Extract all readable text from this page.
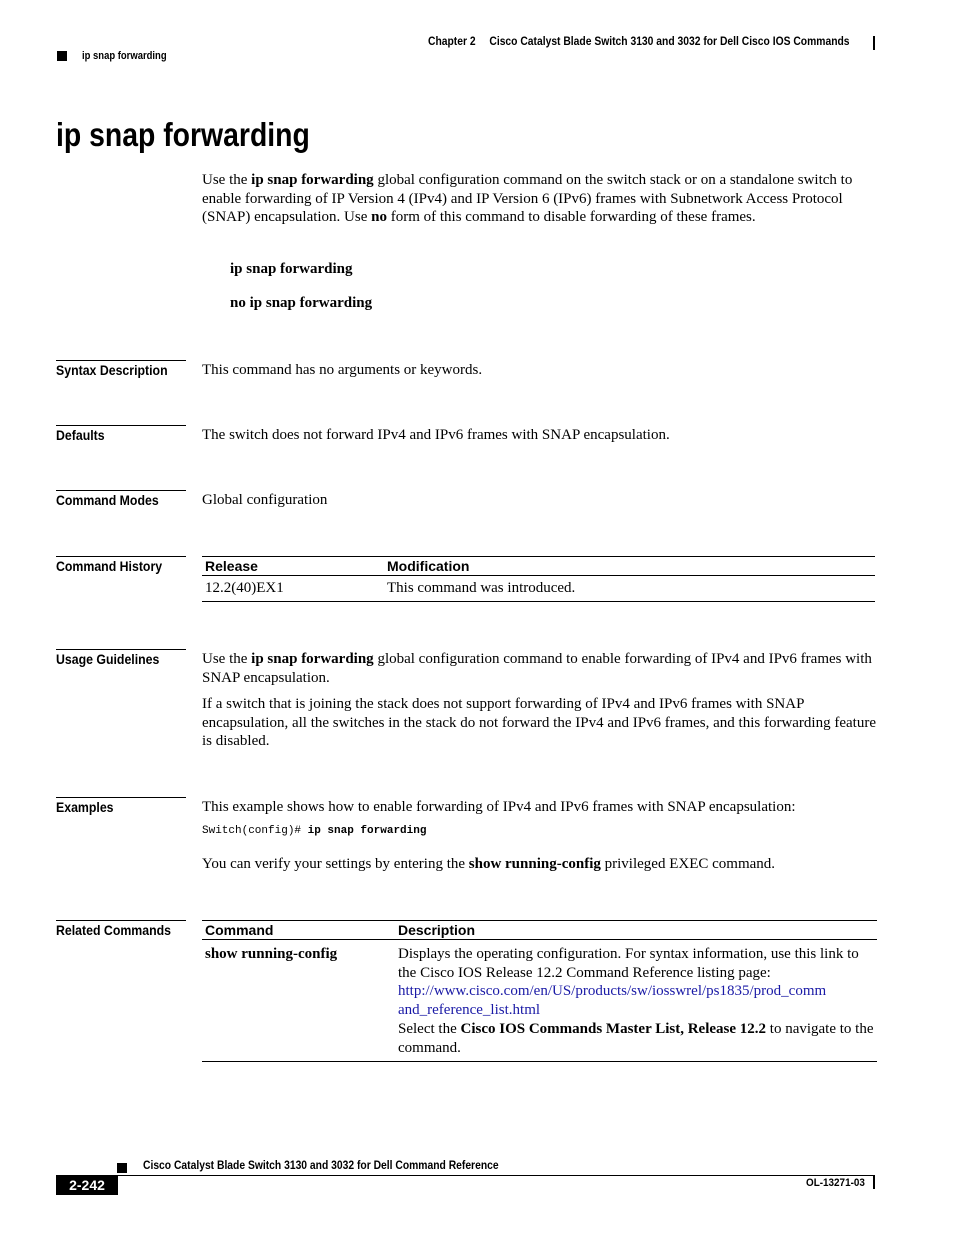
Chapter 2 Cisco Catalyst Blade Switch 3130 and 3032 for Dell Cisco IOS Commands
ip snap forwarding
ip snap forwarding
Use the ip snap forwarding global configuration command on the switch stack or on a standalone switch to enable forwarding of IP Version 4 (IPv4) and IP Version 6 (IPv6) frames with Subnetwork Access Protocol (SNAP) encapsulation. Use no form of this command to disable forwarding of these frames.
ip snap forwarding
no ip snap forwarding
Syntax Description This command has no arguments or keywords.
Defaults	The switch does not forward IPv4 and IPv6 frames with SNAP encapsulation.
Command Modes	Global configuration
Command History	Release	Modification
12.2(40)EX1	This command was introduced.
Usage Guidelines	Use the ip snap forwarding global configuration command to enable forwarding of IPv4 and IPv6 frames with SNAP encapsulation.
If a switch that is joining the stack does not support forwarding of IPv4 and IPv6 frames with SNAP encapsulation, all the switches in the stack do not forward the IPv4 and IPv6 frames, and this forwarding feature is disabled.
Examples	This example shows how to enable forwarding of IPv4 and IPv6 frames with SNAP encapsulation:
Switch(config)# ip snap forwarding
You can verify your settings by entering the show running-config privileged EXEC command.
Related Commands Command	Description
show running-config	Displays the operating configuration. For syntax information, use this link to the Cisco IOS Release 12.2 Command Reference listing page:
http://www.cisco.com/en/US/products/sw/iosswrel/ps1835/prod_comm
and_reference_list.html
Select the Cisco IOS Commands Master List, Release 12.2 to navigate to the command.
Cisco Catalyst Blade Switch 3130 and 3032 for Dell Command Reference
2-242	OL-13271-03
